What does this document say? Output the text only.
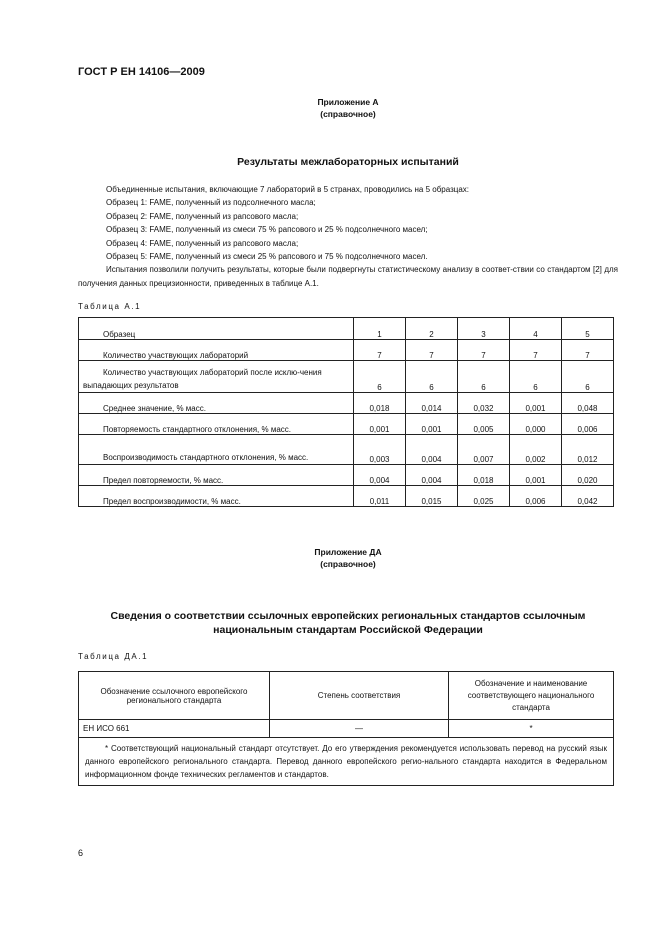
ГОСТ Р ЕН 14106—2009
Приложение А
(справочное)
Результаты межлабораторных испытаний

Объединенные испытания, включающие 7 лабораторий в 5 странах, проводились на 5 образцах:

Образец 1: FAME, полученный из подсолнечного масла;

Образец 2: FAME, полученный из рапсового масла;

Образец 3: FAME, полученный из смеси 75 % рапсового и 25 % подсолнечного масел;

Образец 4: FAME, полученный из рапсового масла;

Образец 5: FAME, полученный из смеси 25 % рапсового и 75 % подсолнечного масел.

Испытания позволили получить результаты, которые были подвергнуты статистическому анализу в соответ-ствии со стандартом [2] для получения данных прецизионности, приведенных в таблице А.1.

Таблица А.1
Образец	1	2	3	4	5
Количество участвующих лабораторий	7	7	7	7	7
Количество участвующих лабораторий после исклю-чения выпадающих результатов	6	6	6	6	6
Среднее значение, % масс.	0,018	0,014	0,032	0,001	0,048
Повторяемость стандартного отклонения, % масс.	0,001	0,001	0,005	0,000	0,006
Воспроизводимость стандартного отклонения, % масс.	0,003	0,004	0,007	0,002	0,012
Предел повторяемости, % масс.	0,004	0,004	0,018	0,001	0,020
Предел воспроизводимости, % масс.	0,011	0,015	0,025	0,006	0,042
Приложение ДА
(справочное)
Сведения о соответствии ссылочных европейских региональных стандартов ссылочным
национальным стандартам Российской Федерации
Таблица ДА.1
Обозначение ссылочного европейского регионального стандарта	Степень соответствия	Обозначение и наименование соответствующего национального стандарта
ЕН ИСО 661	—	*
* Соответствующий национальный стандарт отсутствует. До его утверждения рекомендуется использовать перевод на русский язык данного европейского регионального стандарта. Перевод данного европейского регио-нального стандарта находится в Федеральном информационном фонде технических регламентов и стандартов.		
6
